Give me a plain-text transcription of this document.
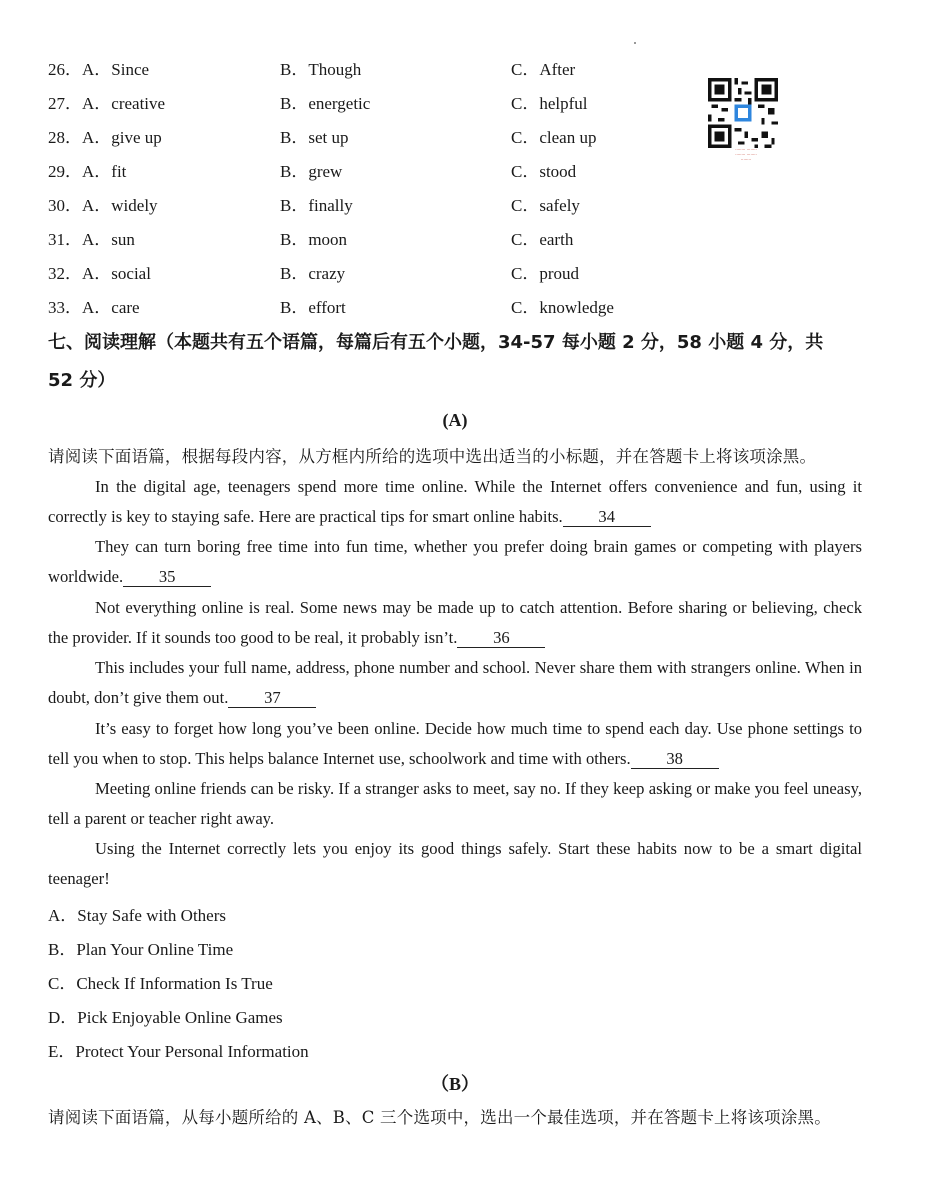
26．A．Since	B．Though	C．After
27．A．creative	B．energetic	C．helpful
28．A．give up	B．set up	C．clean up
29．A．fit	B．grew	C．stood
30．A．widely	B．finally	C．safely
31．A．sun	B．moon	C．earth
32．A．social	B．crazy	C．proud
33．A．care	B．effort	C．knowledge
········ ········
········ ········
········
七、阅读理解（本题共有五个语篇，每篇后有五个小题，34-57 每小题 2 分，58 小题 4 分，共
52 分）
(A)
请阅读下面语篇，根据每段内容，从方框内所给的选项中选出适当的小标题，并在答题卡上将该项涂黑。

In the digital age, teenagers spend more time online. While the Internet offers convenience and fun, using it correctly is key to staying safe. Here are practical tips for smart online habits. 34

They can turn boring free time into fun time, whether you prefer doing brain games or competing with players worldwide. 35

Not everything online is real. Some news may be made up to catch attention. Before sharing or believing, check the provider. If it sounds too good to be real, it probably isn’t. 36

This includes your full name, address, phone number and school. Never share them with strangers online. When in doubt, don’t give them out. 37

It’s easy to forget how long you’ve been online. Decide how much time to spend each day. Use phone settings to tell you when to stop. This helps balance Internet use, schoolwork and time with others. 38

Meeting online friends can be risky. If a stranger asks to meet, say no. If they keep asking or make you feel uneasy, tell a parent or teacher right away.

Using the Internet correctly lets you enjoy its good things safely. Start these habits now to be a smart digital teenager!

A．Stay Safe with Others
B．Plan Your Online Time
C．Check If Information Is True
D．Pick Enjoyable Online Games
E．Protect Your Personal Information
（B）
请阅读下面语篇，从每小题所给的 A、B、C 三个选项中，选出一个最佳选项，并在答题卡上将该项涂黑。
